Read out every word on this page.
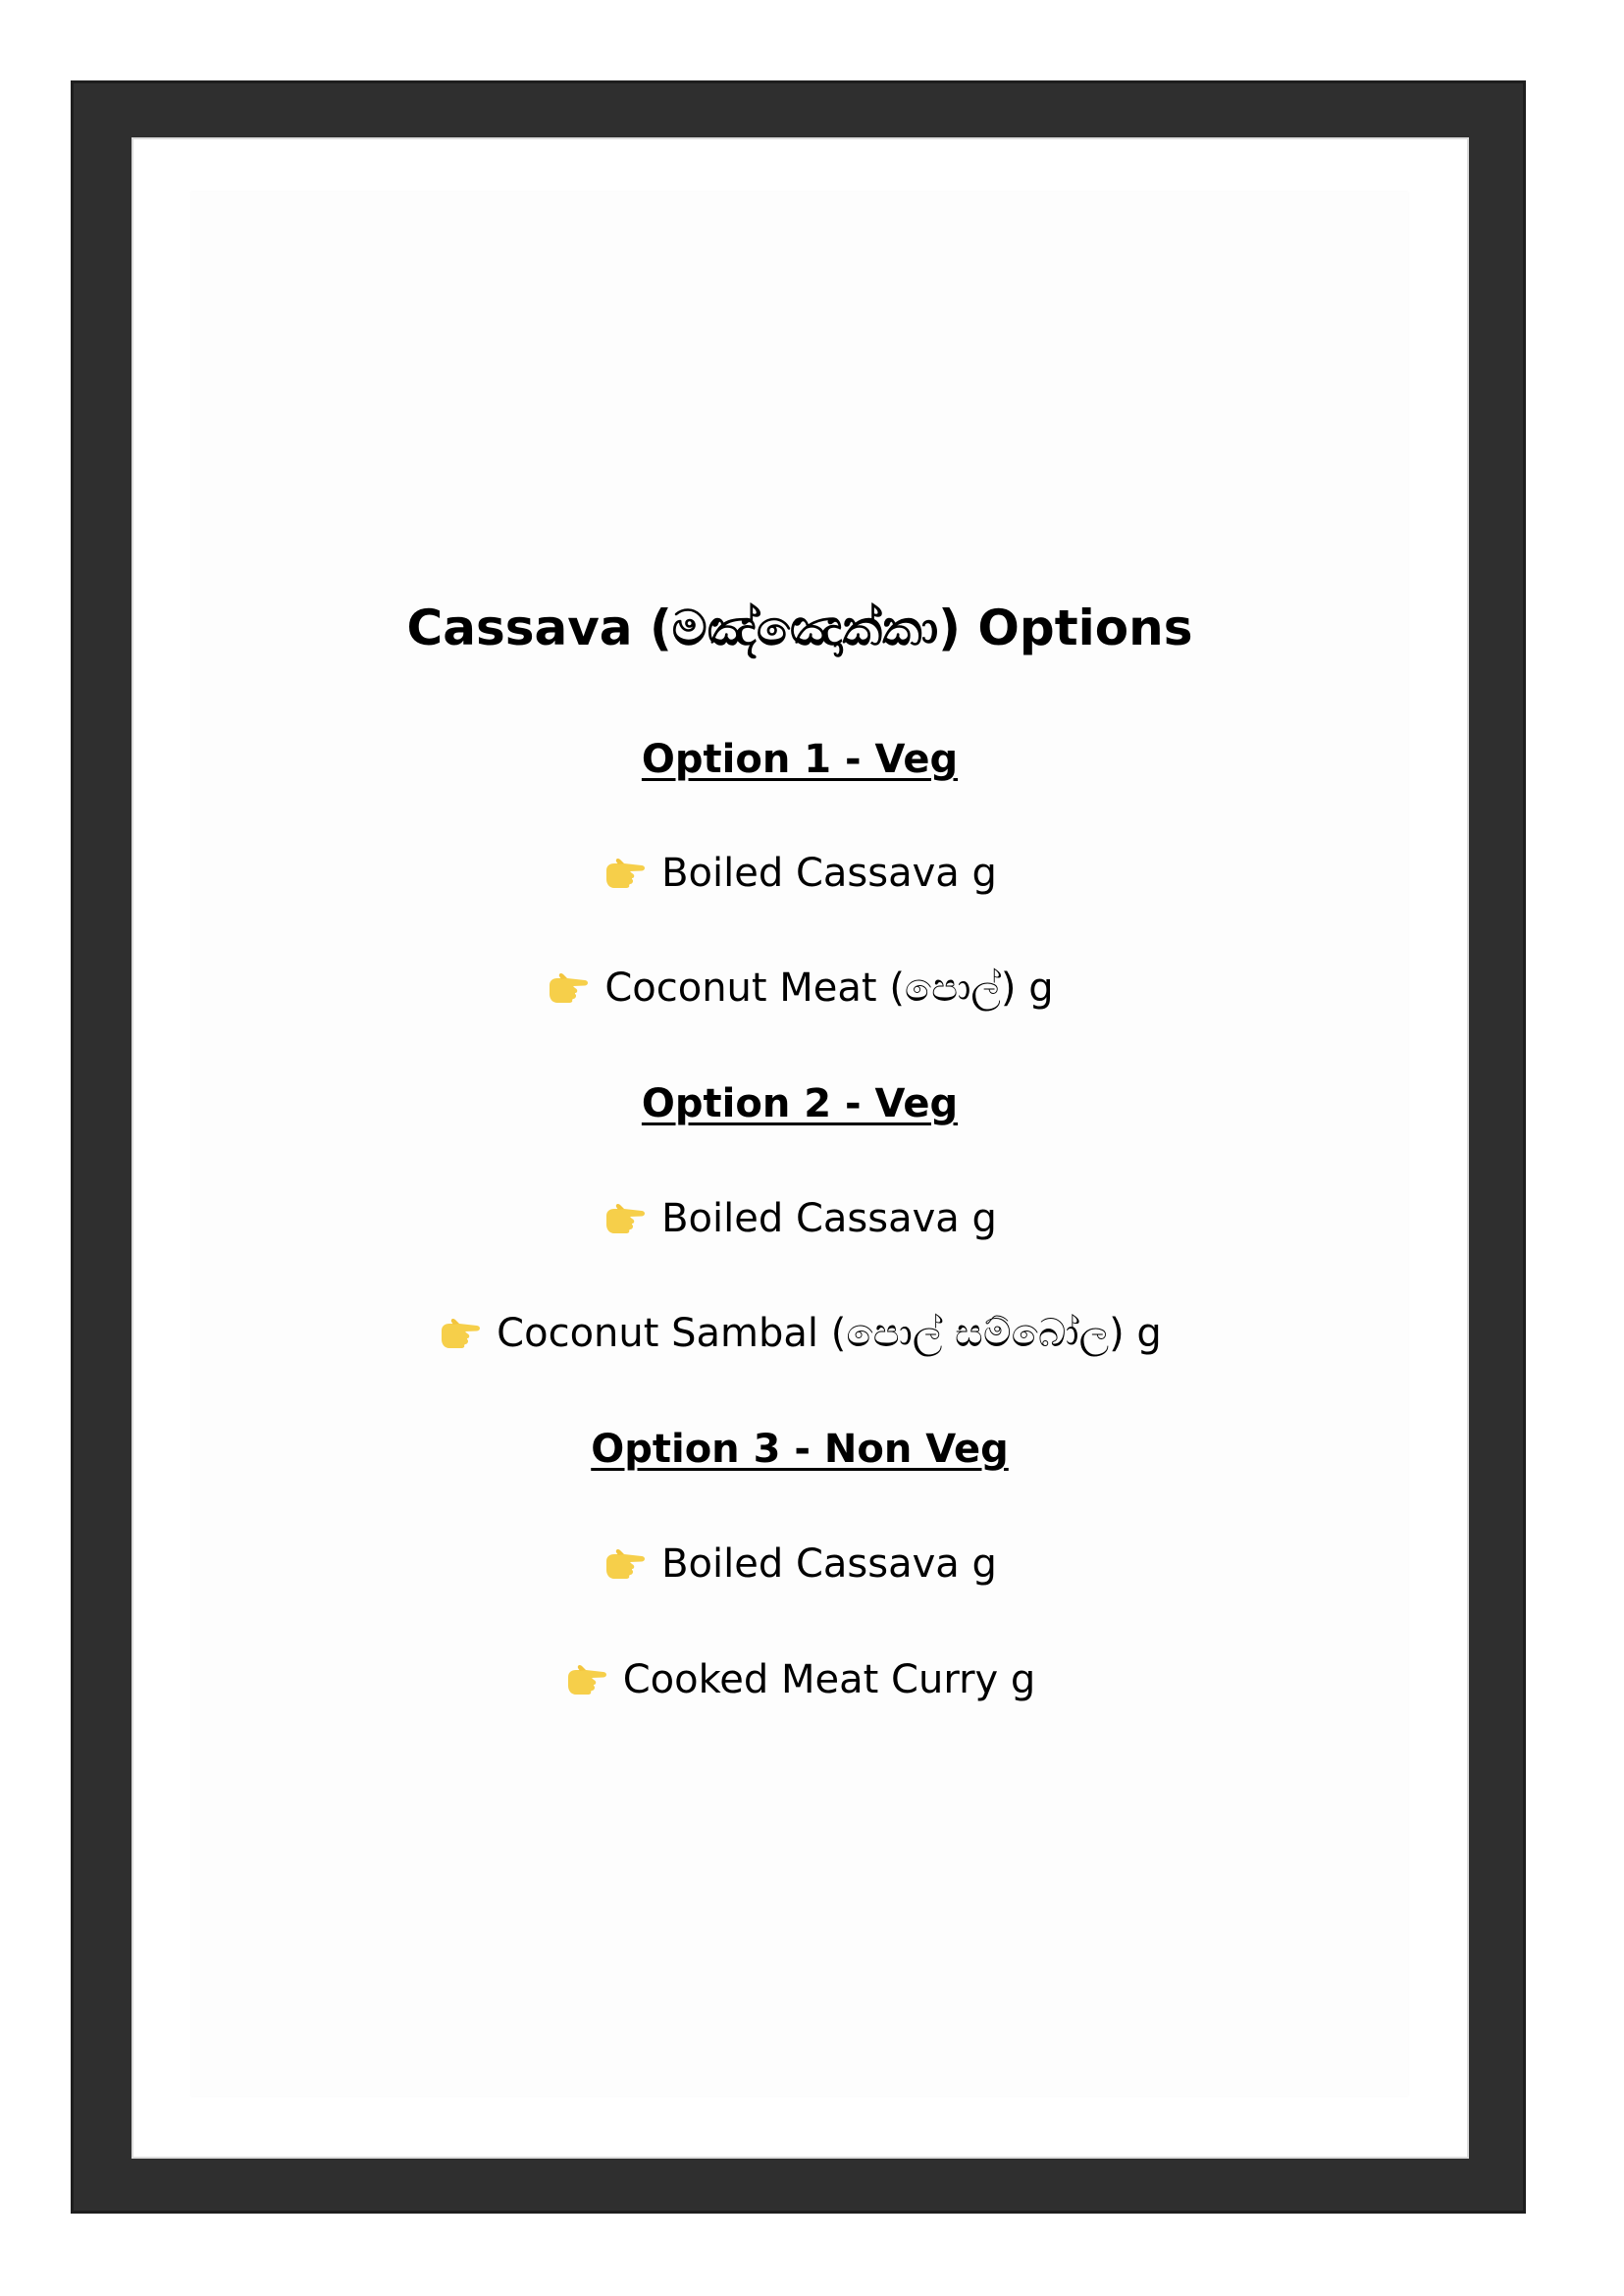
Cassava (මඤ්ඤොක්කා) Options
Option 1 - Veg
Boiled Cassava g
Coconut Meat (පොල්) g
Option 2 - Veg
Boiled Cassava g
Coconut Sambal (පොල් සම්බෝල) g
Option 3 - Non Veg
Boiled Cassava g
Cooked Meat Curry g
